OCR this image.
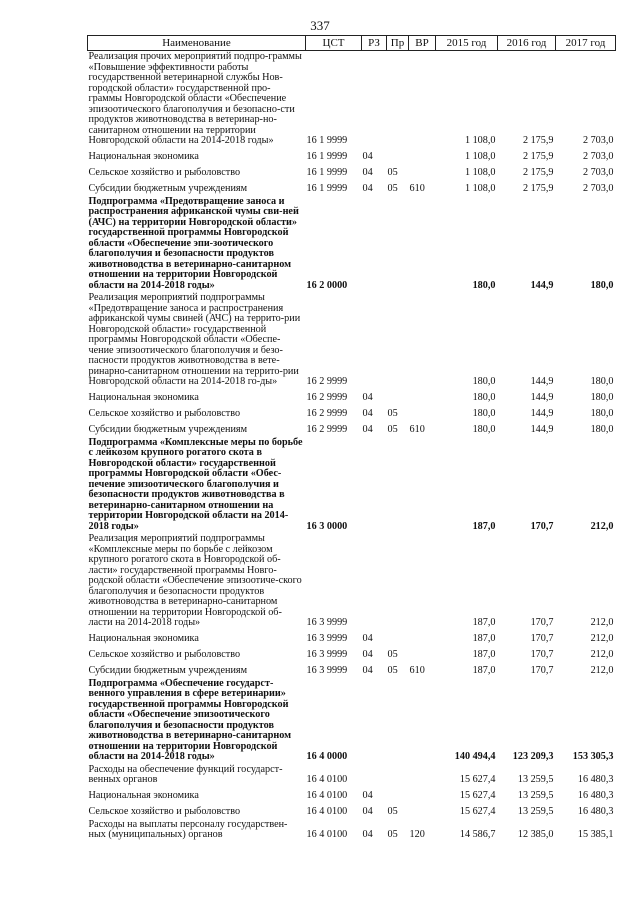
337
Наименование	ЦСТ	РЗ	Пр	ВР	2015 год	2016 год	2017 год
Реализация прочих мероприятий подпро-граммы «Повышение эффективности работы государственной ветеринарной службы Нов-городской области» государственной про-граммы Новгородской области «Обеспечение эпизоотического благополучия и безопасно-сти продуктов животноводства в ветеринар-но-санитарном отношении на территории Новгородской области на 2014-2018 годы»	16 1 9999				1 108,0	2 175,9	2 703,0
Национальная экономика	16 1 9999	04			1 108,0	2 175,9	2 703,0
Сельское хозяйство и рыболовство	16 1 9999	04	05		1 108,0	2 175,9	2 703,0
Субсидии бюджетным учреждениям	16 1 9999	04	05	610	1 108,0	2 175,9	2 703,0
Подпрограмма «Предотвращение заноса и распространения африканской чумы сви-ней (АЧС) на территории Новгородской области» государственной программы Новгородской области «Обеспечение эпи-зоотического благополучия и безопасности продуктов животноводства в ветеринарно-санитарном отношении на территории Новгородской области на 2014-2018 годы»	16 2 0000				180,0	144,9	180,0
Реализация мероприятий подпрограммы «Предотвращение заноса и распространения африканской чумы свиней (АЧС) на террито-рии Новгородской области» государственной программы Новгородской области «Обеспе-чение эпизоотического благополучия и безо-пасности продуктов животноводства в вете-ринарно-санитарном отношении на террито-рии Новгородской области на 2014-2018 го-ды»	16 2 9999				180,0	144,9	180,0
Национальная экономика	16 2 9999	04			180,0	144,9	180,0
Сельское хозяйство и рыболовство	16 2 9999	04	05		180,0	144,9	180,0
Субсидии бюджетным учреждениям	16 2 9999	04	05	610	180,0	144,9	180,0
Подпрограмма «Комплексные меры по борьбе с лейкозом крупного рогатого скота в Новгородской области» государственной программы Новгородской области «Обес-печение эпизоотического благополучия и безопасности продуктов животноводства в ветеринарно-санитарном отношении на территории Новгородской области на 2014-2018 годы»	16 3 0000				187,0	170,7	212,0
Реализация мероприятий подпрограммы «Комплексные меры по борьбе с лейкозом крупного рогатого скота в Новгородской об-ласти» государственной программы Новго-родской области «Обеспечение эпизоотиче-ского благополучия и безопасности продуктов животноводства в ветеринарно-санитарном отношении на территории Новгородской об-ласти на 2014-2018 годы»	16 3 9999				187,0	170,7	212,0
Национальная экономика	16 3 9999	04			187,0	170,7	212,0
Сельское хозяйство и рыболовство	16 3 9999	04	05		187,0	170,7	212,0
Субсидии бюджетным учреждениям	16 3 9999	04	05	610	187,0	170,7	212,0
Подпрограмма «Обеспечение государст-венного управления в сфере ветеринарии» государственной программы Новгородской области «Обеспечение эпизоотического благополучия и безопасности продуктов животноводства в ветеринарно-санитарном отношении на территории Новгородской области на 2014-2018 годы»	16 4 0000				140 494,4	123 209,3	153 305,3
Расходы на обеспечение функций государст-венных органов	16 4 0100				15 627,4	13 259,5	16 480,3
Национальная экономика	16 4 0100	04			15 627,4	13 259,5	16 480,3
Сельское хозяйство и рыболовство	16 4 0100	04	05		15 627,4	13 259,5	16 480,3
Расходы на выплаты персоналу государствен-ных (муниципальных) органов	16 4 0100	04	05	120	14 586,7	12 385,0	15 385,1
